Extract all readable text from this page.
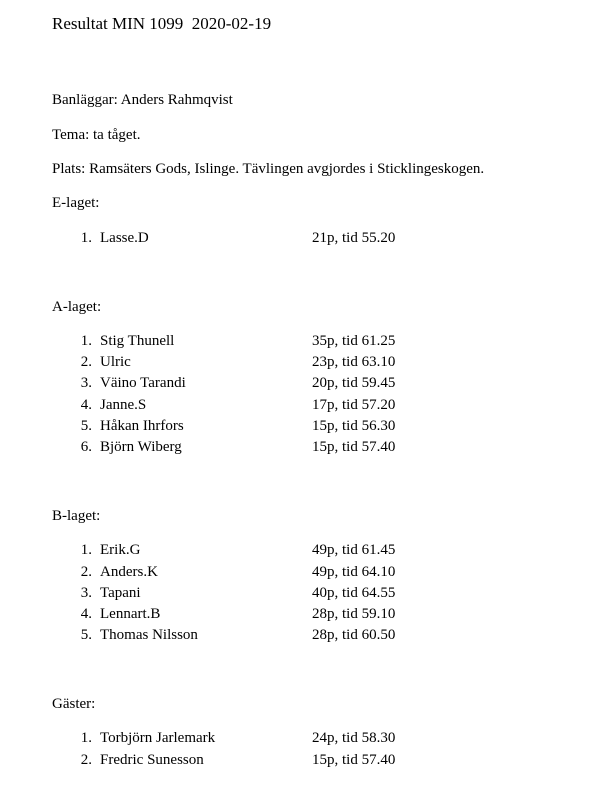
Resultat MIN 1099  2020-02-19
Banläggar: Anders Rahmqvist
Tema: ta tåget.
Plats: Ramsäters Gods, Islinge. Tävlingen avgjordes i Sticklingeskogen.
E-laget:
1. Lasse.D	21p, tid 55.20
A-laget:
1. Stig Thunell	35p, tid 61.25
2. Ulric	23p, tid 63.10
3. Väino Tarandi	20p, tid 59.45
4. Janne.S	17p, tid 57.20
5. Håkan Ihrfors	15p, tid 56.30
6. Björn Wiberg	15p, tid 57.40
B-laget:
1. Erik.G	49p, tid 61.45
2. Anders.K	49p, tid 64.10
3. Tapani	40p, tid 64.55
4. Lennart.B	28p, tid 59.10
5. Thomas Nilsson	28p, tid 60.50
Gäster:
1. Torbjörn Jarlemark	24p, tid 58.30
2. Fredric Sunesson	15p, tid 57.40
